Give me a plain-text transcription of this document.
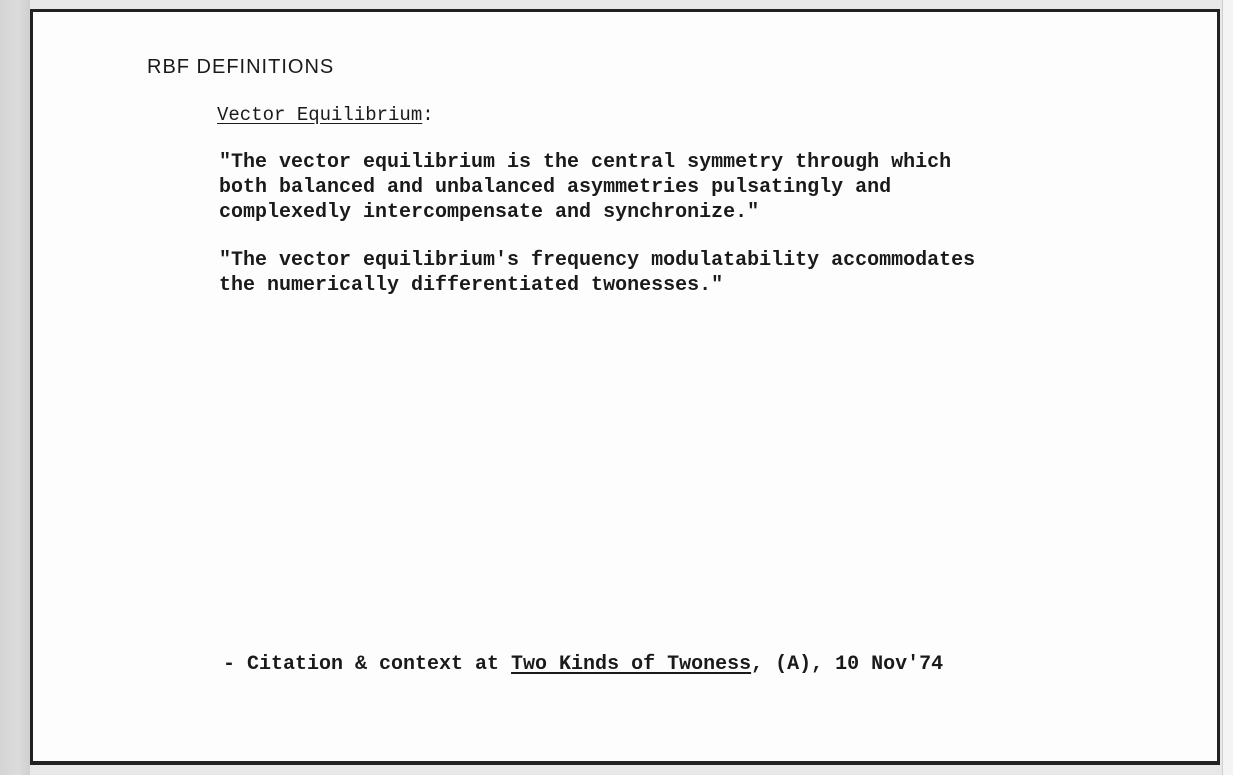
RBF DEFINITIONS
Vector Equilibrium:

"The vector equilibrium is the central symmetry through which
both balanced and unbalanced asymmetries pulsatingly and
complexedly intercompensate and synchronize."

"The vector equilibrium's frequency modulatability accommodates
the numerically differentiated twonesses."

- Citation & context at Two Kinds of Twoness, (A), 10 Nov'74
